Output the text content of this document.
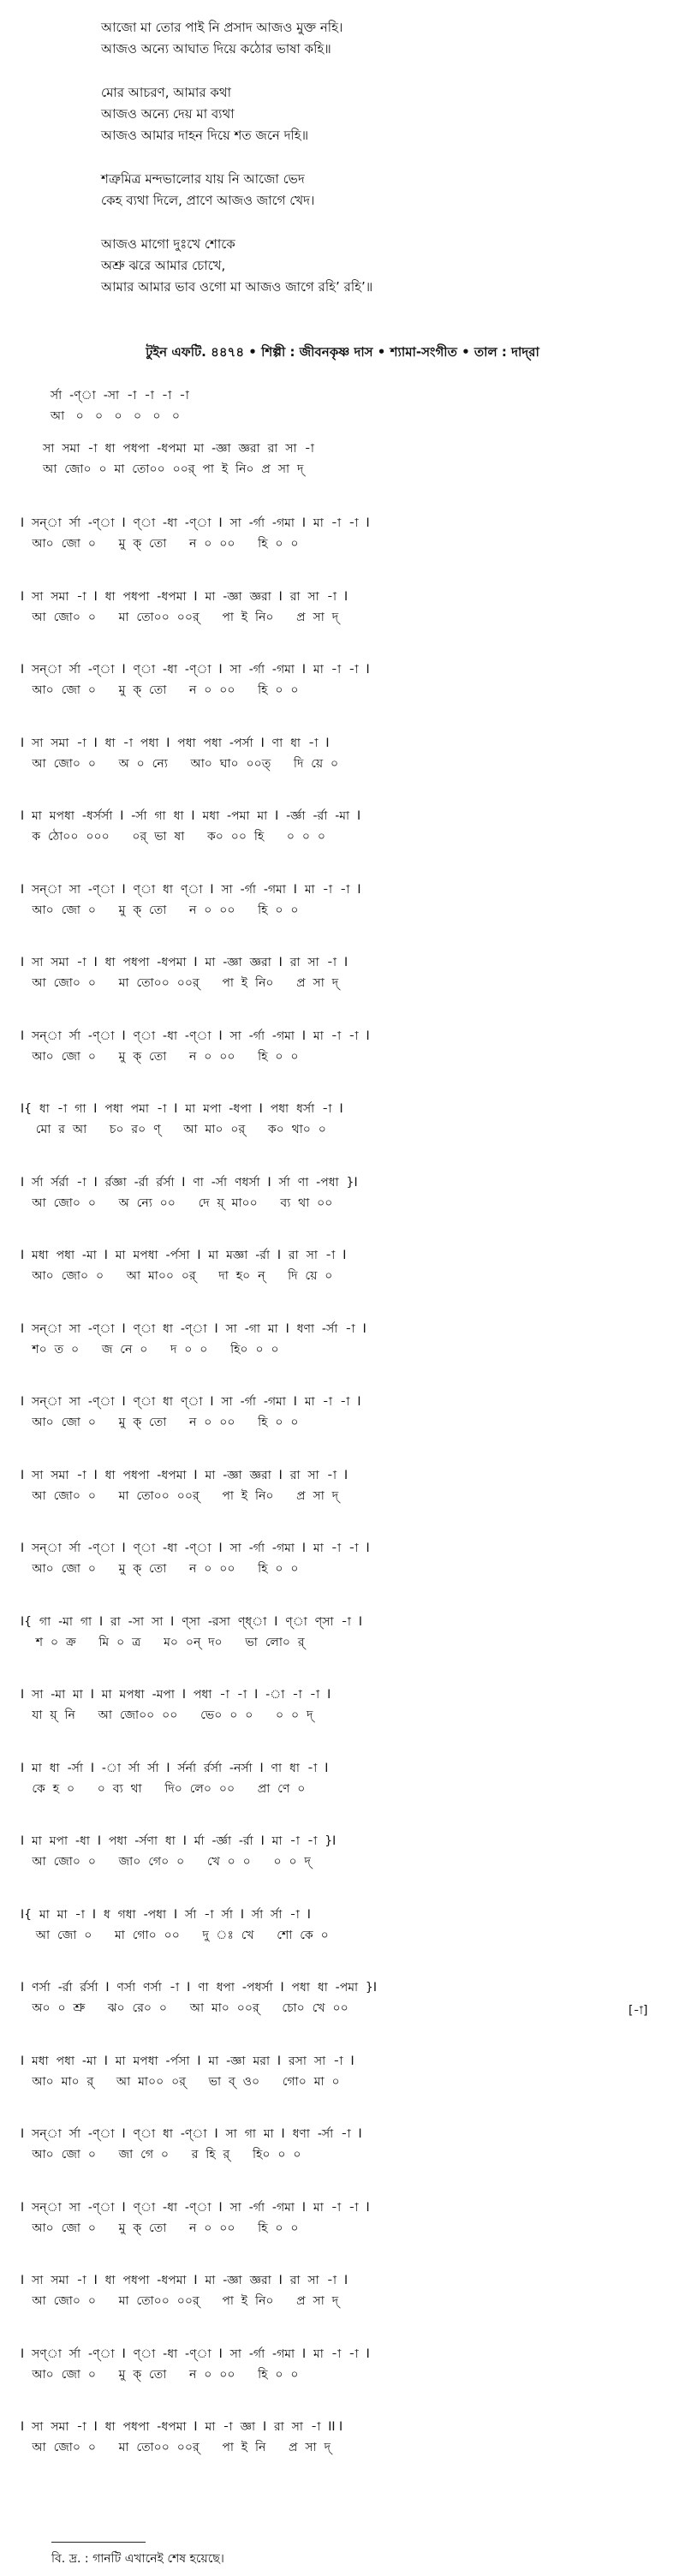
আজো মা তোর পাই নি প্রসাদ আজও মুক্ত নহি।
আজও অন্যে আঘাত দিয়ে কঠোর ভাষা কহি॥
মোর আচরণ, আমার কথা
আজও অন্যে দেয় মা ব্যথা
আজও আমার দাহন দিয়ে শত জনে দহি॥
শত্রুমিত্র মন্দভালোর যায় নি আজো ভেদ
কেহ ব্যথা দিলে, প্রাণে আজও জাগে খেদ।
আজও মাগো দুঃখে শোকে
অশ্রু ঝরে আমার চোখে,
আমার আমার ভাব ওগো মা আজও জাগে রহি’ রহি’॥
টুইন এফটি. ৪৪৭৪ • শিল্পী : জীবনকৃষ্ণ দাস • শ্যামা-সংগীত • তাল : দাদ্‌রা
র্সা  -ণ্া  -সা  -া  -া  -া  -া
আ   ০   ০   ০   ০   ০   ০
সা  সমা  -া  ধা  পধপা  -ধপমা  মা  -জ্ঞা  জ্ঞরা  রা  সা  -া
আ  জো০  ০  মা  তো০০  ০০র্  পা  ই  নি০  প্র  সা  দ্
I  সন্া  র্সা  -ণ্া  I  ণ্া  -ধা  -ণ্া  I  সা  -র্গা  -গমা  I  মা  -া  -া  I
আ০  জো  ০      মু  ক্  তো      ন  ০  ০০      হি  ০  ০
I  সা  সমা  -া  I  ধা  পধপা  -ধপমা  I  মা  -জ্ঞা  জ্ঞরা  I  রা  সা  -া  I
আ  জো০  ০      মা  তো০০  ০০র্      পা  ই  নি০      প্র  সা  দ্
I  সন্া  র্সা  -ণ্া  I  ণ্া  -ধা  -ণ্া  I  সা  -র্গা  -গমা  I  মা  -া  -া  I
আ০  জো  ০      মু  ক্  তো      ন  ০  ০০      হি  ০  ০
I  সা  সমা  -া  I  ধা  -া  পধা  I  পধা  পধা  -পর্সা  I  ণা  ধা  -া  I
আ  জো০  ০      অ  ০  ন্যে      আ০  ঘা০  ০০ত্      দি  য়ে  ০
I  মা  মপধা  -ধর্সর্সা  I  -র্সা  গা  ধা  I  মধা  -পমা  মা  I  -র্জ্ঞা  -র্রা  -মা  I
ক  ঠো০০  ০০০      ০র্  ভা  ষা      ক০  ০০  হি      ০  ০  ০
I  সন্া  সা  -ণ্া  I  ণ্া  ধা  ণ্া  I  সা  -র্গা  -গমা  I  মা  -া  -া  I
আ০  জো  ০      মু  ক্  তো      ন  ০  ০০      হি  ০  ০
I  সা  সমা  -া  I  ধা  পধপা  -ধপমা  I  মা  -জ্ঞা  জ্ঞরা  I  রা  সা  -া  I
আ  জো০  ০      মা  তো০০  ০০র্      পা  ই  নি০      প্র  সা  দ্
I  সন্া  র্সা  -ণ্া  I  ণ্া  -ধা  -ণ্া  I  সা  -র্গা  -গমা  I  মা  -া  -া  I
আ০  জো  ০      মু  ক্  তো      ন  ০  ০০      হি  ০  ০
I{  ধা  -া  গা  I  পধা  পমা  -া  I  মা  মপা  -ধপা  I  পধা  ধর্সা  -া  I
মো  র  আ      চ০  র০  ণ্      আ  মা০  ০র্      ক০  থা০  ০
I  র্সা  র্সর্রা  -া  I  র্রজ্ঞা  -র্রা  র্রর্সা  I  ণা  -র্সা  ণধর্সা  I  র্সা  ণা  -পধা  }I
আ  জো০  ০      অ  ন্যে  ০০      দে  য়্  মা০০      ব্য  থা  ০০
I  মধা  পধা  -মা  I  মা  মপধা  -র্পসা  I  মা  মজ্ঞা  -র্রা  I  রা  সা  -া  I
আ০  জো০  ০      আ  মা০০  ০র্      দা  হ০  ন্      দি  য়ে  ০
I  সন্া  সা  -ণ্া  I  ণ্া  ধা  -ণ্া  I  সা  -গা  মা  I  ধণা  -র্সা  -া  I
শ০  ত  ০      জ  নে  ০      দ  ০  ০      হি০  ০  ০
I  সন্া  সা  -ণ্া  I  ণ্া  ধা  ণ্া  I  সা  -র্গা  -গমা  I  মা  -া  -া  I
আ০  জো  ০      মু  ক্  তো      ন  ০  ০০      হি  ০  ০
I  সা  সমা  -া  I  ধা  পধপা  -ধপমা  I  মা  -জ্ঞা  জ্ঞরা  I  রা  সা  -া  I
আ  জো০  ০      মা  তো০০  ০০র্      পা  ই  নি০      প্র  সা  দ্
I  সন্া  র্সা  -ণ্া  I  ণ্া  -ধা  -ণ্া  I  সা  -র্গা  -গমা  I  মা  -া  -া  I
আ০  জো  ০      মু  ক্  তো      ন  ০  ০০      হি  ০  ০
I{  গা  -মা  গা  I  রা  -সা  সা  I  ণ্সা  -রসা  ণ্ধ্া  I  ণ্া  ণ্সা  -া  I
শ  ০  ক্র      মি  ০  ত্র      ম০  ০ন্  দ০      ভা  লো০  র্
I  সা  -মা  মা  I  মা  মপধা  -মপা  I  পধা  -া  -া  I  -া  -া  -া  I
যা  য়্  নি      আ  জো০০  ০০      ভে০  ০  ০      ০  ০  দ্
I  মা  ধা  -র্সা  I  -া  র্সা  র্সা  I  র্সর্না  র্রর্সা  -নর্সা  I  ণা  ধা  -া  I
কে  হ  ০      ০  ব্য  থা      দি০  লে০  ০০      প্রা  ণে  ০
I  মা  মপা  -ধা  I  পধা  -র্সণা  ধা  I  র্মা  -র্জ্ঞা  -র্রা  I  মা  -া  -া  }I
আ  জো০  ০      জা০  গে০  ০      খে  ০  ০      ০  ০  দ্
I{  মা  মা  -া  I  ধ  গধা  -পধা  I  র্সা  -া  র্সা  I  র্সা  র্সা  -া  I
আ  জো  ০      মা  গো০  ০০      দু  ঃ  খে      শো  কে  ০
I  ণর্সা  -র্রা  র্রর্সা  I  ণর্সা  ণর্সা  -া  I  ণা  ধপা  -পধর্সা  I  পধা  ধা  -পমা  }I
অ০  ০  শ্রু      ঝ০  রে০  ০      আ  মা০  ০০র্      চো০  খে  ০০
I  মধা  পধা  -মা  I  মা  মপধা  -র্পসা  I  মা  -জ্ঞা  মরা  I  রসা  সা  -া  I
আ০  মা০  র্      আ  মা০০  ০র্      ভা  ব্  ও০      গো০  মা  ০
I  সন্া  র্সা  -ণ্া  I  ণ্া  ধা  -ণ্া  I  সা  গা  মা  I  ধণা  -র্সা  -া  I
আ০  জো  ০      জা  গে  ০      র  হি  র্      হি০  ০  ০
I  সন্া  সা  -ণ্া  I  ণ্া  -ধা  -ণ্া  I  সা  -র্গা  -গমা  I  মা  -া  -া  I
আ০  জো  ০      মু  ক্  তো      ন  ০  ০০      হি  ০  ০
I  সা  সমা  -া  I  ধা  পধপা  -ধপমা  I  মা  -জ্ঞা  জ্ঞরা  I  রা  সা  -া  I
আ  জো০  ০      মা  তো০০  ০০র্      পা  ই  নি০      প্র  সা  দ্
I  সণ্া  র্সা  -ণ্া  I  ণ্া  -ধা  -ণ্া  I  সা  -র্গা  -গমা  I  মা  -া  -া  I
আ০  জো  ০      মু  ক্  তো      ন  ০  ০০      হি  ০  ০
I  সা  সমা  -া  I  ধা  পধপা  -ধপমা  I  মা  -া  জ্ঞা  I  রা  সা  -া  II I
আ  জো০  ০      মা  তো০০  ০০র্      পা  ই  নি      প্র  সা  দ্
[-া]
বি. দ্র. : গানটি এখানেই শেষ হয়েছে।
